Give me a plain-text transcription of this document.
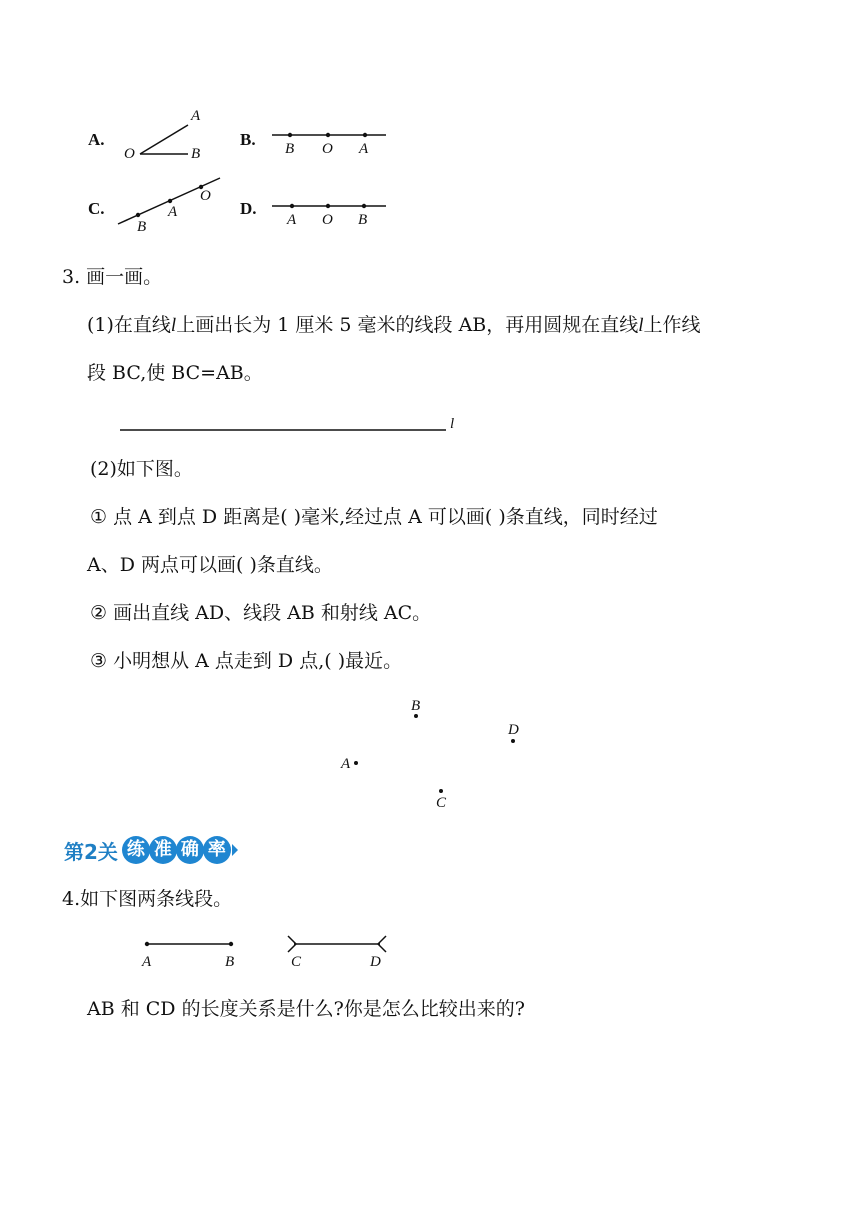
A.
A
O	B
B. B O A
C.
B
A
O
D.
A O B
3. 画一画。
(1)在直线l上画出长为 1 厘米 5 毫米的线段 AB，再用圆规在直线l上作线
段 BC,使 BC=AB。
l
(2)如下图。
① 点 A 到点 D 距离是( )毫米,经过点 A 可以画( )条直线，同时经过
A、D 两点可以画( )条直线。
② 画出直线 AD、线段 AB 和射线 AC。
③ 小明想从 A 点走到 D 点,( )最近。
B
D
A
C
第2关 练 准 确 率
4.如下图两条线段。
A	B	C	D
AB 和 CD 的长度关系是什么?你是怎么比较出来的?
